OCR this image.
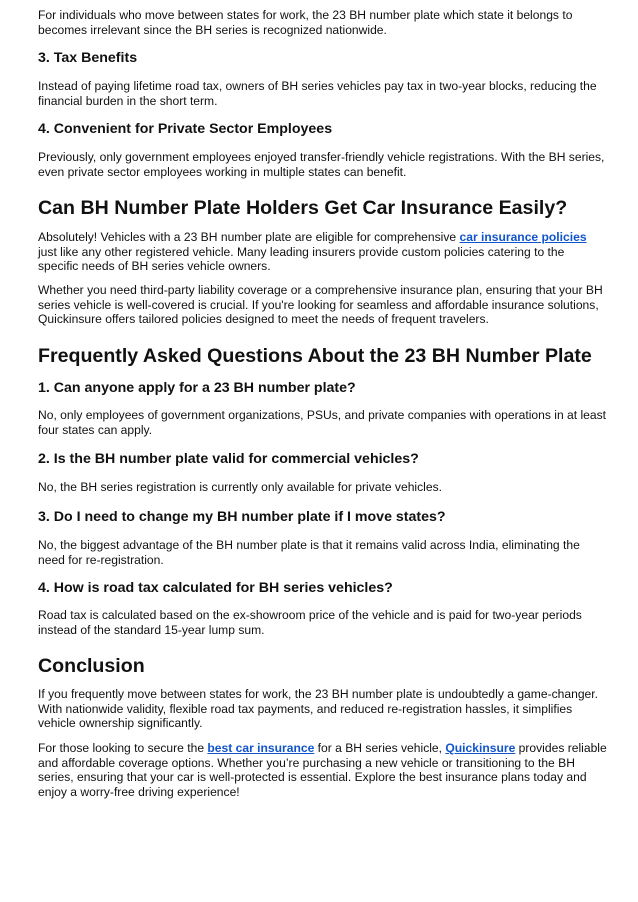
For individuals who move between states for work, the 23 BH number plate which state it belongs to becomes irrelevant since the BH series is recognized nationwide.

3. Tax Benefits

Instead of paying lifetime road tax, owners of BH series vehicles pay tax in two-year blocks, reducing the financial burden in the short term.

4. Convenient for Private Sector Employees

Previously, only government employees enjoyed transfer-friendly vehicle registrations. With the BH series, even private sector employees working in multiple states can benefit.

Can BH Number Plate Holders Get Car Insurance Easily?

Absolutely! Vehicles with a 23 BH number plate are eligible for comprehensive car insurance policies just like any other registered vehicle. Many leading insurers provide custom policies catering to the specific needs of BH series vehicle owners.

Whether you need third-party liability coverage or a comprehensive insurance plan, ensuring that your BH series vehicle is well-covered is crucial. If you're looking for seamless and affordable insurance solutions, Quickinsure offers tailored policies designed to meet the needs of frequent travelers.

Frequently Asked Questions About the 23 BH Number Plate
1. Can anyone apply for a 23 BH number plate?

No, only employees of government organizations, PSUs, and private companies with operations in at least four states can apply.

2. Is the BH number plate valid for commercial vehicles?

No, the BH series registration is currently only available for private vehicles.

3. Do I need to change my BH number plate if I move states?

No, the biggest advantage of the BH number plate is that it remains valid across India, eliminating the need for re-registration.

4. How is road tax calculated for BH series vehicles?

Road tax is calculated based on the ex-showroom price of the vehicle and is paid for two-year periods instead of the standard 15-year lump sum.

Conclusion

If you frequently move between states for work, the 23 BH number plate is undoubtedly a game-changer. With nationwide validity, flexible road tax payments, and reduced re-registration hassles, it simplifies vehicle ownership significantly.

For those looking to secure the best car insurance for a BH series vehicle, Quickinsure provides reliable and affordable coverage options. Whether you’re purchasing a new vehicle or transitioning to the BH series, ensuring that your car is well-protected is essential. Explore the best insurance plans today and enjoy a worry-free driving experience!
